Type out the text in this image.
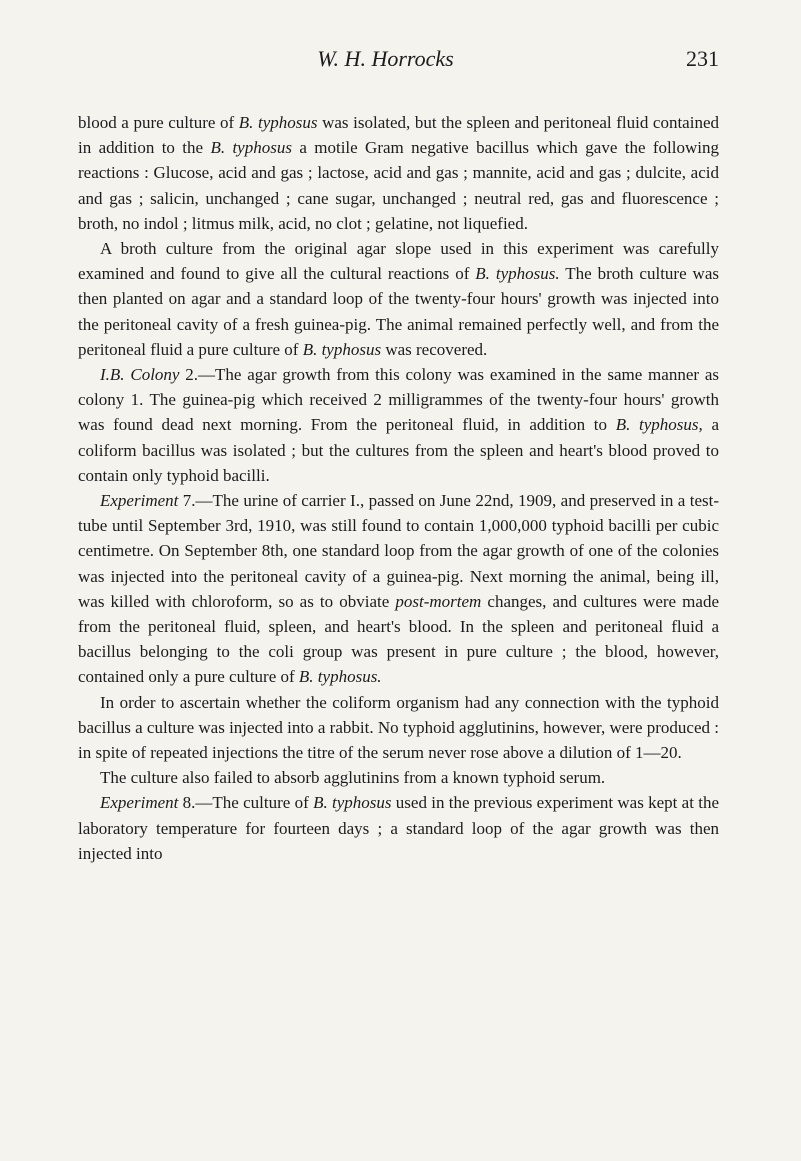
W. H. Horrocks	231

blood a pure culture of B. typhosus was isolated, but the spleen and peritoneal fluid contained in addition to the B. typhosus a motile Gram negative bacillus which gave the following reactions : Glucose, acid and gas ; lactose, acid and gas ; mannite, acid and gas ; dulcite, acid and gas ; salicin, unchanged ; cane sugar, unchanged ; neutral red, gas and fluorescence ; broth, no indol ; litmus milk, acid, no clot ; gelatine, not liquefied.

A broth culture from the original agar slope used in this experiment was carefully examined and found to give all the cultural reactions of B. typhosus. The broth culture was then planted on agar and a standard loop of the twenty-four hours' growth was injected into the peritoneal cavity of a fresh guinea-pig. The animal remained perfectly well, and from the peritoneal fluid a pure culture of B. typhosus was recovered.

I.B. Colony 2.—The agar growth from this colony was examined in the same manner as colony 1. The guinea-pig which received 2 milligrammes of the twenty-four hours' growth was found dead next morning. From the peritoneal fluid, in addition to B. typhosus, a coliform bacillus was isolated ; but the cultures from the spleen and heart's blood proved to contain only typhoid bacilli.

Experiment 7.—The urine of carrier I., passed on June 22nd, 1909, and preserved in a test-tube until September 3rd, 1910, was still found to contain 1,000,000 typhoid bacilli per cubic centimetre. On September 8th, one standard loop from the agar growth of one of the colonies was injected into the peritoneal cavity of a guinea-pig. Next morning the animal, being ill, was killed with chloroform, so as to obviate post-mortem changes, and cultures were made from the peritoneal fluid, spleen, and heart's blood. In the spleen and peritoneal fluid a bacillus belonging to the coli group was present in pure culture ; the blood, however, contained only a pure culture of B. typhosus.

In order to ascertain whether the coliform organism had any connection with the typhoid bacillus a culture was injected into a rabbit. No typhoid agglutinins, however, were produced : in spite of repeated injections the titre of the serum never rose above a dilution of 1—20.

The culture also failed to absorb agglutinins from a known typhoid serum.

Experiment 8.—The culture of B. typhosus used in the previous experiment was kept at the laboratory temperature for fourteen days ; a standard loop of the agar growth was then injected into
